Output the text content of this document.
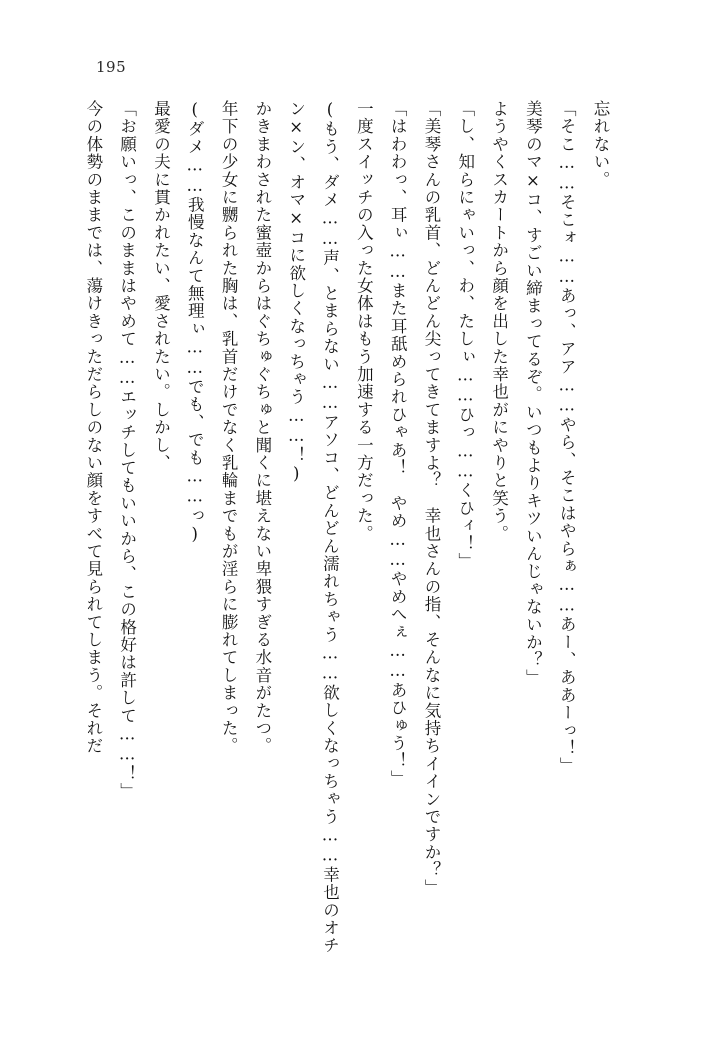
195

忘れない。

「そこ……そこォ……あっ、アア……やら、そこはやらぁ……あー、ああーっ！」

美琴のマ×コ、すごい締まってるぞ。いつもよりキツいんじゃないか？」

ようやくスカートから顔を出した幸也がにやりと笑う。

「し、知らにゃいっ、わ、たしぃ……ひっ……くひィ！」

「美琴さんの乳首、どんどん尖ってきてますよ？　幸也さんの指、そんなに気持ちイインですか？」

「はわわっ、耳ぃ……また耳舐められひゃあ！　やめ……やめへぇ……あひゅう！」

一度スイッチの入った女体はもう加速する一方だった。

(もう、ダメ……声、とまらない……アソコ、どんどん濡れちゃう……欲しくなっちゃう……幸也のオチン×ン、オマ×コに欲しくなっちゃう……！)

かきまわされた蜜壺からはぐちゅぐちゅと聞くに堪えない卑猥すぎる水音がたつ。

年下の少女に嬲られた胸は、乳首だけでなく乳輪までもが淫らに膨れてしまった。

(ダメ……我慢なんて無理ぃ……でも、でも……っ)

最愛の夫に貫かれたい、愛されたい。しかし、

「お願いっ、このままはやめて……エッチしてもいいから、この格好は許して……！」

今の体勢のままでは、蕩けきっただらしのない顔をすべて見られてしまう。それだ
